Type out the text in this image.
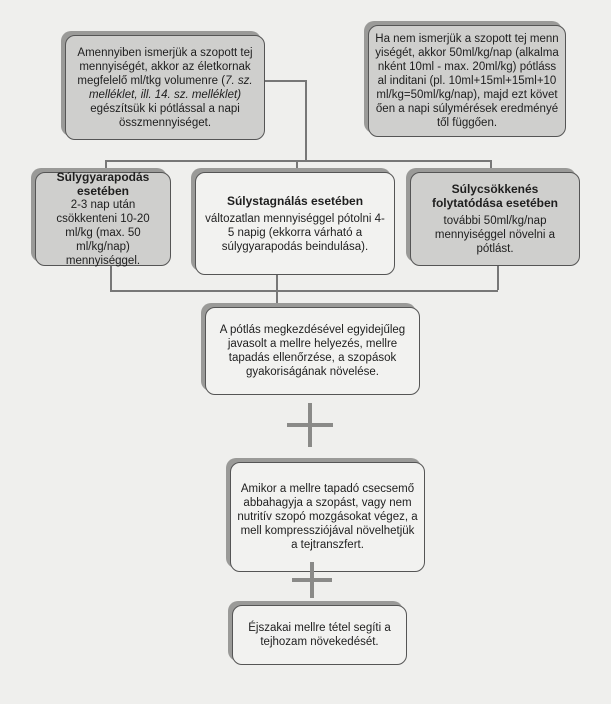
Amennyiben ismerjük a szopott tej mennyiségét, akkor az életkornak megfelelő ml/tkg volumenre (7. sz. melléklet, ill. 14. sz. melléklet) egészítsük ki pótlással a napi összmennyiséget.
Ha nem ismerjük a szopott tej mennyiségét, akkor 50ml/kg/nap (alkalmanként 10ml - max. 20ml/kg) pótlással inditani (pl. 10ml+15ml+15ml+10ml/kg=50ml/kg/nap), majd ezt követően a napi súlymérések eredményétől függően.
Súlygyarapodás esetében
2-3 nap után csökkenteni 10-20 ml/kg (max. 50 ml/kg/nap) mennyiséggel.
Súlystagnálás esetében
változatlan mennyiséggel pótolni 4-5 napig (ekkorra várható a súlygyarapodás beindulása).
Súlycsökkenés folytatódása esetében
további 50ml/kg/nap mennyiséggel növelni a pótlást.
A pótlás megkezdésével egyidejűleg javasolt a mellre helyezés, mellre tapadás ellenőrzése, a szopások gyakoriságának növelése.
Amikor a mellre tapadó csecsemő abbahagyja a szopást, vagy nem nutritív szopó mozgásokat végez, a mell kompressziójával növelhetjük a tejtranszfert.
Éjszakai mellre tétel segíti a tejhozam növekedését.
